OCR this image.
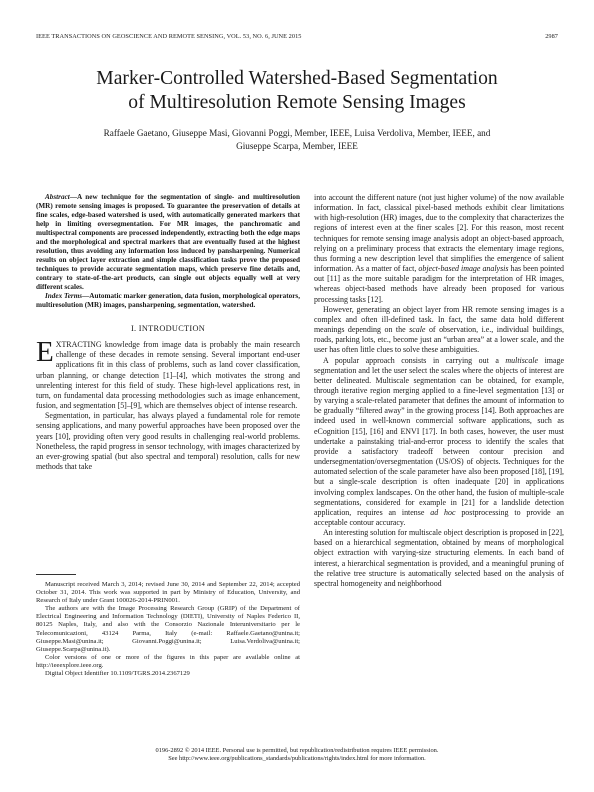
IEEE TRANSACTIONS ON GEOSCIENCE AND REMOTE SENSING, VOL. 53, NO. 6, JUNE 2015	2987
Marker-Controlled Watershed-Based Segmentation
of Multiresolution Remote Sensing Images
Raffaele Gaetano, Giuseppe Masi, Giovanni Poggi, Member, IEEE, Luisa Verdoliva, Member, IEEE, and
Giuseppe Scarpa, Member, IEEE

Abstract—A new technique for the segmentation of single- and multiresolution (MR) remote sensing images is proposed. To guarantee the preservation of details at fine scales, edge-based watershed is used, with automatically generated markers that help in limiting oversegmentation. For MR images, the panchromatic and multispectral components are processed independently, extracting both the edge maps and the morphological and spectral markers that are eventually fused at the highest resolution, thus avoiding any information loss induced by pansharpening. Numerical results on object layer extraction and simple classification tasks prove the proposed techniques to provide accurate segmentation maps, which preserve fine details and, contrary to state-of-the-art products, can single out objects equally well at very different scales.

Index Terms—Automatic marker generation, data fusion, morphological operators, multiresolution (MR) images, pansharpening, segmentation, watershed.

I. INTRODUCTION

EXTRACTING knowledge from image data is probably the main research challenge of these decades in remote sensing. Several important end-user applications fit in this class of problems, such as land cover classification, urban planning, or change detection [1]–[4], which motivates the strong and unrelenting interest for this field of study. These high-level applications rest, in turn, on fundamental data processing methodologies such as image enhancement, fusion, and segmentation [5]–[9], which are themselves object of intense research.

Segmentation, in particular, has always played a fundamental role for remote sensing applications, and many powerful approaches have been proposed over the years [10], providing often very good results in challenging real-world problems. Nonetheless, the rapid progress in sensor technology, with images characterized by an ever-growing spatial (but also spectral and temporal) resolution, calls for new methods that take

Manuscript received March 3, 2014; revised June 30, 2014 and September 22, 2014; accepted October 31, 2014. This work was supported in part by Ministry of Education, University, and Research of Italy under Grant 100026-2014-PRIN001.

The authors are with the Image Processing Research Group (GRIP) of the Department of Electrical Engineering and Information Technology (DIETI), University of Naples Federico II, 80125 Naples, Italy, and also with the Consorzio Nazionale Interuniversitario per le Telecomunicazioni, 43124 Parma, Italy (e-mail: Raffaele.Gaetano@unina.it; Giuseppe.Masi@unina.it; Giovanni.Poggi@unina.it; Luisa.Verdoliva@unina.it; Giuseppe.Scarpa@unina.it).

Color versions of one or more of the figures in this paper are available online at http://ieeexplore.ieee.org.

Digital Object Identifier 10.1109/TGRS.2014.2367129

into account the different nature (not just higher volume) of the now available information. In fact, classical pixel-based methods exhibit clear limitations with high-resolution (HR) images, due to the complexity that characterizes the regions of interest even at the finer scales [2]. For this reason, most recent techniques for remote sensing image analysis adopt an object-based approach, relying on a preliminary process that extracts the elementary image regions, thus forming a new description level that simplifies the emergence of salient information. As a matter of fact, object-based image analysis has been pointed out [11] as the more suitable paradigm for the interpretation of HR images, whereas object-based methods have already been proposed for various processing tasks [12].

However, generating an object layer from HR remote sensing images is a complex and often ill-defined task. In fact, the same data hold different meanings depending on the scale of observation, i.e., individual buildings, roads, parking lots, etc., become just an “urban area” at a lower scale, and the user has often little clues to solve these ambiguities.

A popular approach consists in carrying out a multiscale image segmentation and let the user select the scales where the objects of interest are better delineated. Multiscale segmentation can be obtained, for example, through iterative region merging applied to a fine-level segmentation [13] or by varying a scale-related parameter that defines the amount of information to be gradually “filtered away” in the growing process [14]. Both approaches are indeed used in well-known commercial software applications, such as eCognition [15], [16] and ENVI [17]. In both cases, however, the user must undertake a painstaking trial-and-error process to identify the scales that provide a satisfactory tradeoff between contour precision and undersegmentation/oversegmentation (US/OS) of objects. Techniques for the automated selection of the scale parameter have also been proposed [18], [19], but a single-scale description is often inadequate [20] in applications involving complex landscapes. On the other hand, the fusion of multiple-scale segmentations, considered for example in [21] for a landslide detection application, requires an intense ad hoc postprocessing to provide an acceptable contour accuracy.

An interesting solution for multiscale object description is proposed in [22], based on a hierarchical segmentation, obtained by means of morphological object extraction with varying-size structuring elements. In each band of interest, a hierarchical segmentation is provided, and a meaningful pruning of the relative tree structure is automatically selected based on the analysis of spectral homogeneity and neighborhood

0196-2892 © 2014 IEEE. Personal use is permitted, but republication/redistribution requires IEEE permission.
See http://www.ieee.org/publications_standards/publications/rights/index.html for more information.
